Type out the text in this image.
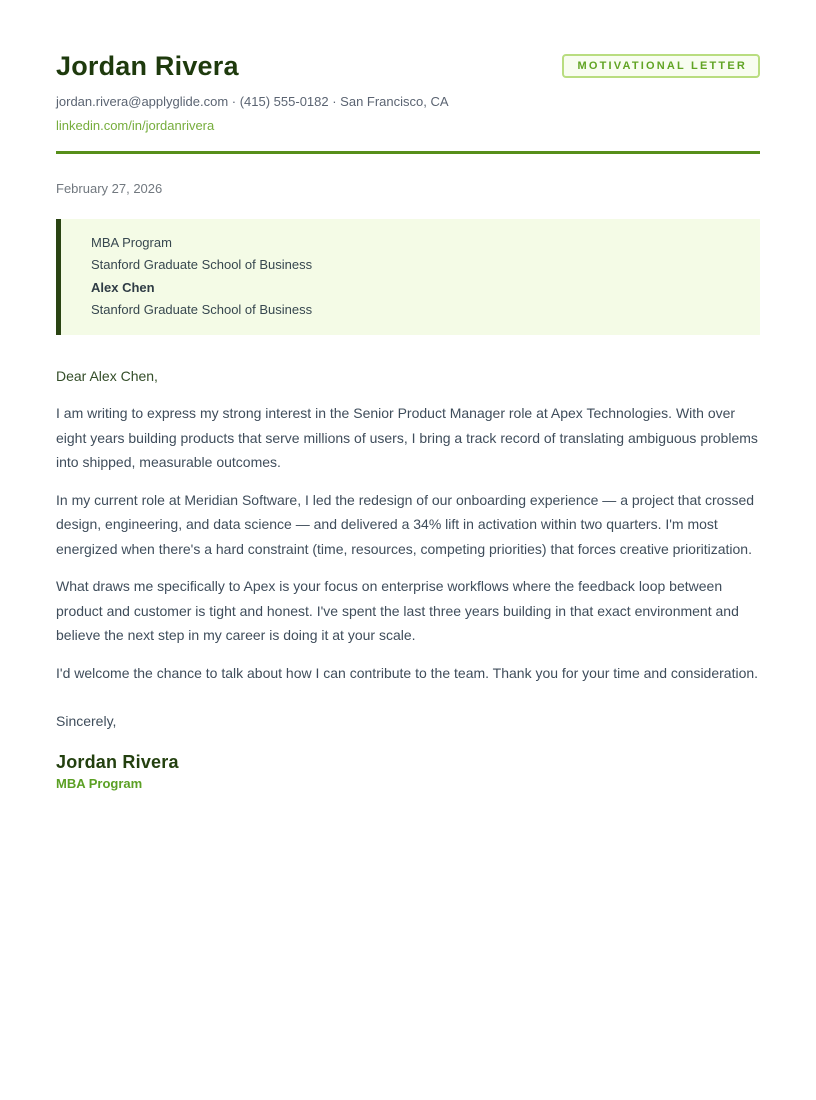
Jordan Rivera	MOTIVATIONAL LETTER
jordan.rivera@applyglide.com · (415) 555-0182 · San Francisco, CA
linkedin.com/in/jordanrivera
February 27, 2026
MBA Program
Stanford Graduate School of Business
Alex Chen
Stanford Graduate School of Business
Dear Alex Chen,

I am writing to express my strong interest in the Senior Product Manager role at Apex Technologies. With over eight years building products that serve millions of users, I bring a track record of translating ambiguous problems into shipped, measurable outcomes.

In my current role at Meridian Software, I led the redesign of our onboarding experience — a project that crossed design, engineering, and data science — and delivered a 34% lift in activation within two quarters. I'm most energized when there's a hard constraint (time, resources, competing priorities) that forces creative prioritization.

What draws me specifically to Apex is your focus on enterprise workflows where the feedback loop between product and customer is tight and honest. I've spent the last three years building in that exact environment and believe the next step in my career is doing it at your scale.

I'd welcome the chance to talk about how I can contribute to the team. Thank you for your time and consideration.

Sincerely,
Jordan Rivera
MBA Program
